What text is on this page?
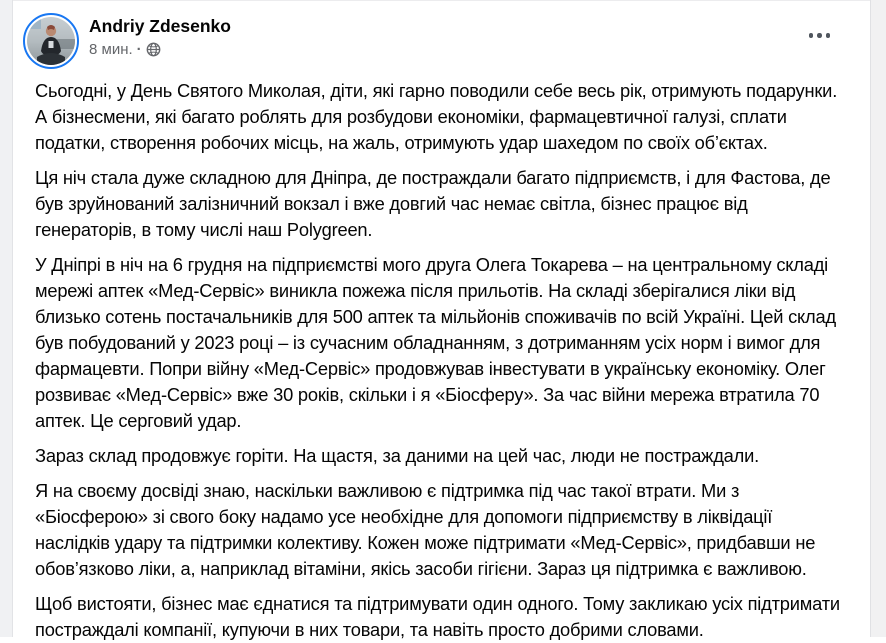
Andriy Zdesenko
8 мин. ·

Сьогодні, у День Святого Миколая, діти, які гарно поводили себе весь рік, отримують подарунки. А бізнесмени, які багато роблять для розбудови економіки, фармацевтичної галузі, сплати податки, створення робочих місць, на жаль, отримують удар шахедом по своїх об’єктах.

Ця ніч стала дуже складною для Дніпра, де постраждали багато підприємств, і для Фастова, де був зруйнований залізничний вокзал і вже довгий час немає світла, бізнес працює від генераторів, в тому числі наш Polygreen.

У Дніпрі в ніч на 6 грудня на підприємстві мого друга Олега Токарева – на центральному складі мережі аптек «Мед-Сервіс» виникла пожежа після прильотів. На складі зберігалися ліки від близько сотень постачальників для 500 аптек та мільйонів споживачів по всій Україні. Цей склад був побудований у 2023 році – із сучасним обладнанням, з дотриманням усіх норм і вимог для фармацевти. Попри війну «Мед-Сервіс» продовжував інвестувати в українську економіку. Олег розвиває «Мед-Сервіс» вже 30 років, скільки і я «Біосферу». За час війни мережа втратила 70 аптек. Це серговий удар.

Зараз склад продовжує горіти. На щастя, за даними на цей час, люди не постраждали.

Я на своєму досвіді знаю, наскільки важливою є підтримка під час такої втрати. Ми з «Біосферою» зі свого боку надамо усе необхідне для допомоги підприємству в ліквідації наслідків удару та підтримки колективу. Кожен може підтримати «Мед-Сервіс», придбавши не обов’язково ліки, а, наприклад вітаміни, якісь засоби гігієни. Зараз ця підтримка є важливою.

Щоб вистояти, бізнес має єднатися та підтримувати один одного. Тому закликаю усіх підтримати постраждалі компанії, купуючи в них товари, та навіть просто добрими словами.
